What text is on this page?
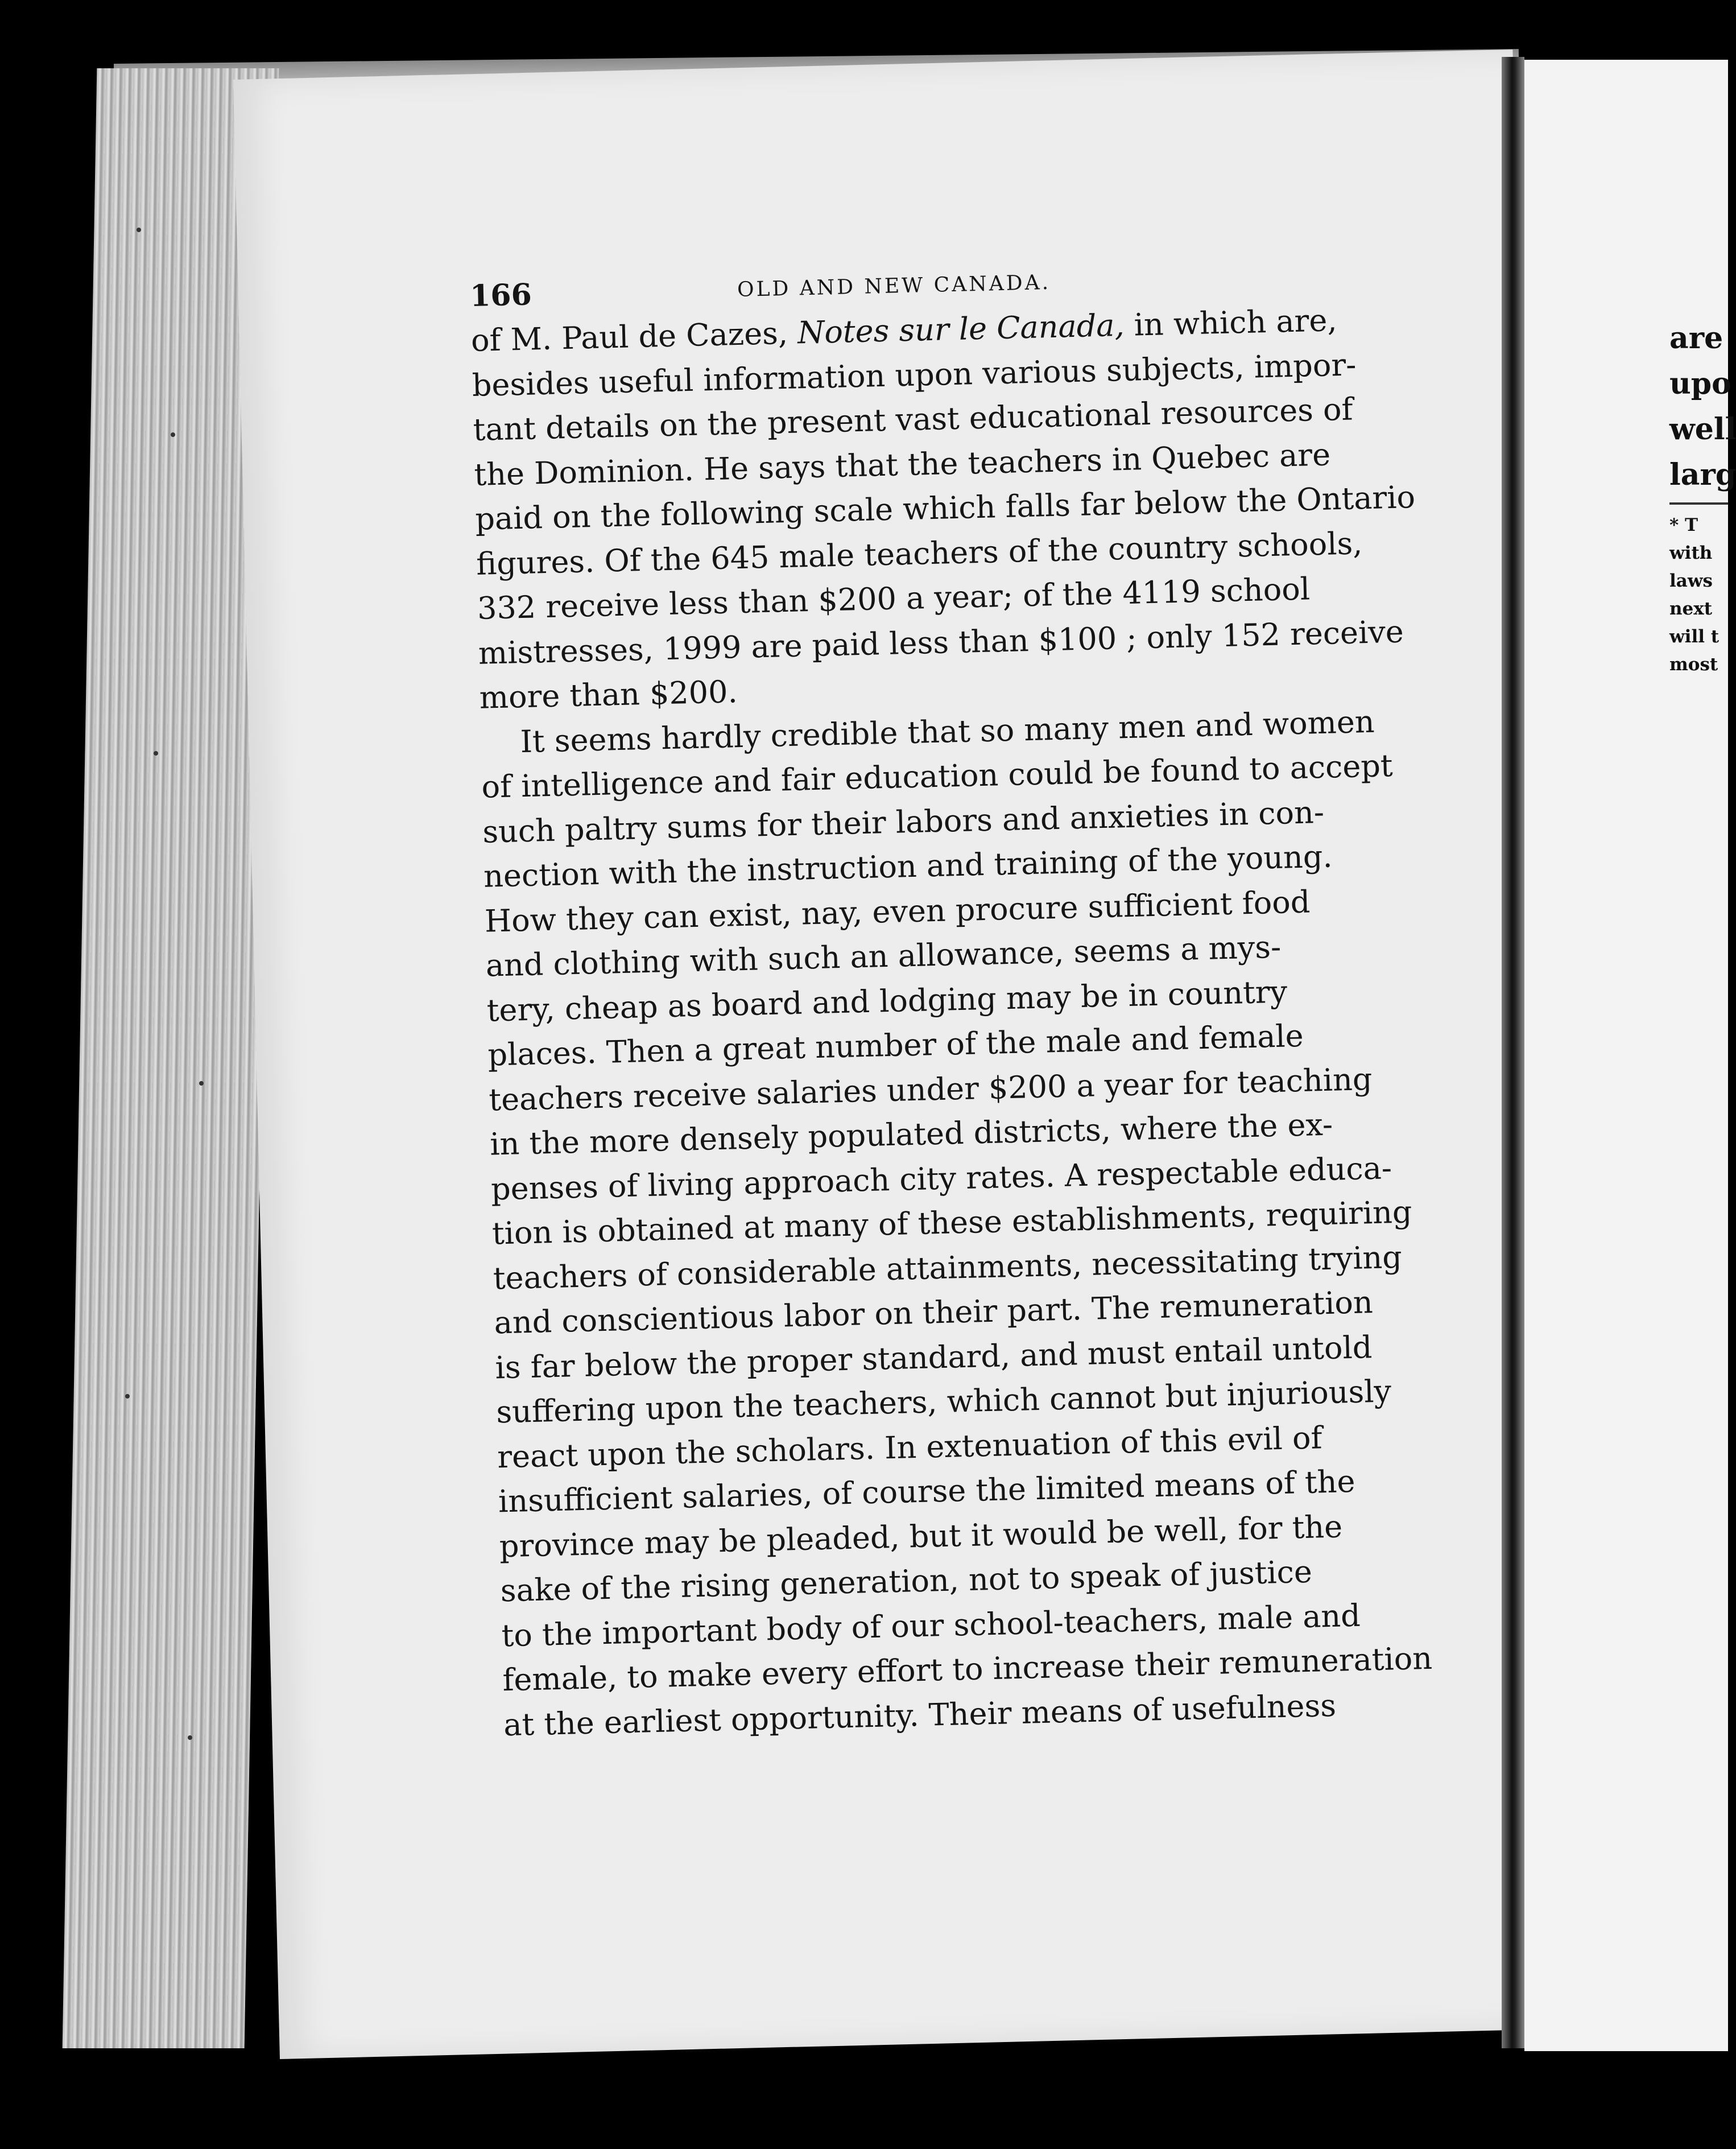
166	OLD AND NEW CANADA.
of M. Paul de Cazes, Notes sur le Canada, in which are,
besides useful information upon various subjects, impor-
tant details on the present vast educational resources of
the Dominion. He says that the teachers in Quebec are
paid on the following scale which falls far below the Ontario
figures. Of the 645 male teachers of the country schools,
332 receive less than $200 a year; of the 4119 school
mistresses, 1999 are paid less than $100 ; only 152 receive
more than $200.
It seems hardly credible that so many men and women
of intelligence and fair education could be found to accept
such paltry sums for their labors and anxieties in con-
nection with the instruction and training of the young.
How they can exist, nay, even procure sufficient food
and clothing with such an allowance, seems a mys-
tery, cheap as board and lodging may be in country
places. Then a great number of the male and female
teachers receive salaries under $200 a year for teaching
in the more densely populated districts, where the ex-
penses of living approach city rates. A respectable educa-
tion is obtained at many of these establishments, requiring
teachers of considerable attainments, necessitating trying
and conscientious labor on their part. The remuneration
is far below the proper standard, and must entail untold
suffering upon the teachers, which cannot but injuriously
react upon the scholars. In extenuation of this evil of
insufficient salaries, of course the limited means of the
province may be pleaded, but it would be well, for the
sake of the rising generation, not to speak of justice
to the important body of our school-teachers, male and
female, to make every effort to increase their remuneration
at the earliest opportunity. Their means of usefulness
are
upo
well
larg
* T
with
laws
next
will t
most
